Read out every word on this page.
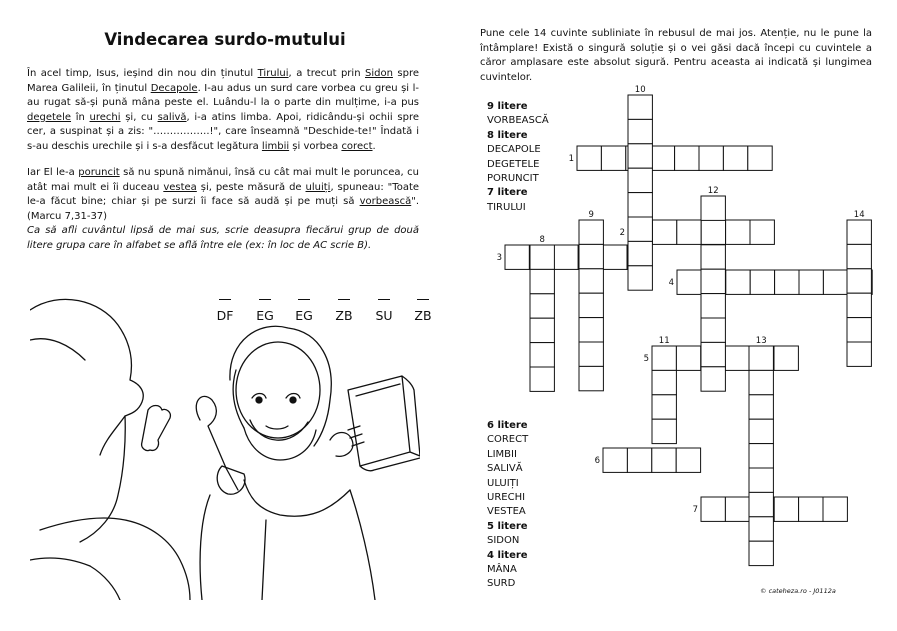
Vindecarea surdo-mutului

În acel timp, Isus, ieșind din nou din ținutul Tirului, a trecut prin Sidon spre Marea Galileii, în ținutul Decapole. I-au adus un surd care vorbea cu greu și l-au rugat să-și pună mâna peste el. Luându-l la o parte din mulțime, i-a pus degetele în urechi și, cu salivă, i-a atins limba. Apoi, ridicându-și ochii spre cer, a suspinat și a zis: "……………..!", care înseamnă "Deschide-te!" Îndată i s-au deschis urechile și i s-a desfăcut legătura limbii și vorbea corect.

Iar El le-a poruncit să nu spună nimănui, însă cu cât mai mult le poruncea, cu atât mai mult ei îi duceau vestea și, peste măsură de uluiți, spuneau: "Toate le-a făcut bine; chiar și pe surzi îi face să audă și pe muți să vorbească". (Marcu 7,31-37)

Ca să afli cuvântul lipsă de mai sus, scrie deasupra fiecărui grup de două litere grupa care în alfabet se află între ele (ex: în loc de AC scrie B).

DF	EG	EG	ZB	SU	ZB

Pune cele 14 cuvinte subliniate în rebusul de mai jos. Atenție, nu le pune la întâmplare! Există o singură soluție și o vei găsi dacă începi cu cuvintele a căror amplasare este absolut sigură. Pentru aceasta ai indicată și lungimea cuvintelor.

9 litere
VORBEASCĂ
8 litere
DECAPOLE
DEGETELE
PORUNCIT
7 litere
TIRULUI
6 litere
CORECT
LIMBII
SALIVĂ
ULUIȚI
URECHI
VESTEA
5 litere
SIDON
4 litere
MÂNA
SURD
1
2
3
4
5
6
7
8
9
10
11
12
13
14
© cateheza.ro - J0112a
